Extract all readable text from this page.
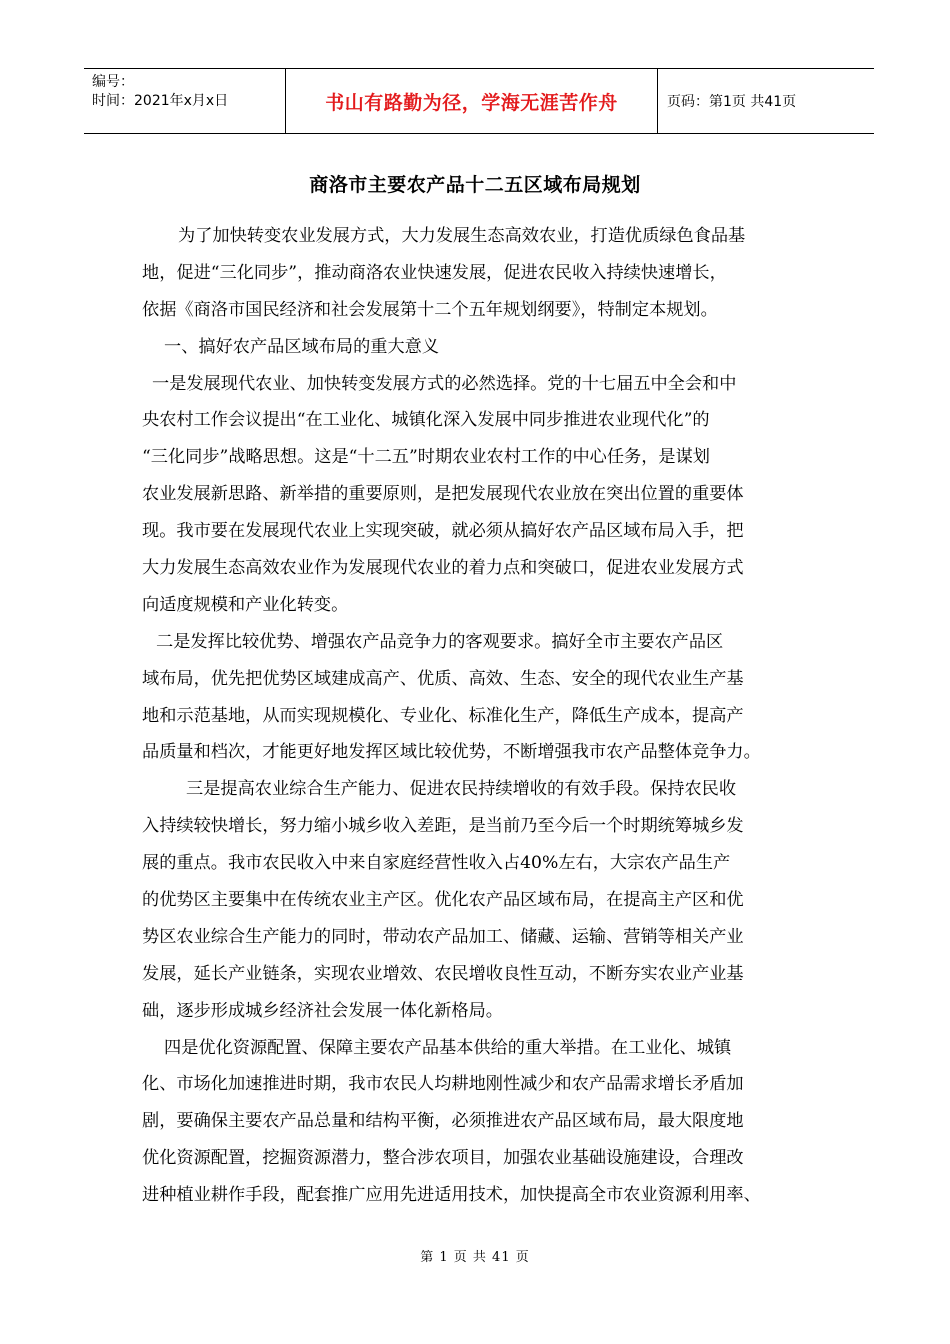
编号：
时间：2021年x月x日	书山有路勤为径，学海无涯苦作舟	页码：第1页 共41页
商洛市主要农产品十二五区域布局规划
为了加快转变农业发展方式，大力发展生态高效农业，打造优质绿色食品基
地，促进“三化同步”，推动商洛农业快速发展，促进农民收入持续快速增长，
依据《商洛市国民经济和社会发展第十二个五年规划纲要》，特制定本规划。
一、搞好农产品区域布局的重大意义
一是发展现代农业、加快转变发展方式的必然选择。党的十七届五中全会和中
央农村工作会议提出“在工业化、城镇化深入发展中同步推进农业现代化”的
“三化同步”战略思想。这是“十二五”时期农业农村工作的中心任务，是谋划
农业发展新思路、新举措的重要原则，是把发展现代农业放在突出位置的重要体
现。我市要在发展现代农业上实现突破，就必须从搞好农产品区域布局入手，把
大力发展生态高效农业作为发展现代农业的着力点和突破口，促进农业发展方式
向适度规模和产业化转变。
二是发挥比较优势、增强农产品竞争力的客观要求。搞好全市主要农产品区
域布局，优先把优势区域建成高产、优质、高效、生态、安全的现代农业生产基
地和示范基地，从而实现规模化、专业化、标准化生产，降低生产成本，提高产
品质量和档次，才能更好地发挥区域比较优势，不断增强我市农产品整体竞争力。
三是提高农业综合生产能力、促进农民持续增收的有效手段。保持农民收
入持续较快增长，努力缩小城乡收入差距，是当前乃至今后一个时期统筹城乡发
展的重点。我市农民收入中来自家庭经营性收入占40%左右，大宗农产品生产
的优势区主要集中在传统农业主产区。优化农产品区域布局，在提高主产区和优
势区农业综合生产能力的同时，带动农产品加工、储藏、运输、营销等相关产业
发展，延长产业链条，实现农业增效、农民增收良性互动，不断夯实农业产业基
础，逐步形成城乡经济社会发展一体化新格局。
四是优化资源配置、保障主要农产品基本供给的重大举措。在工业化、城镇
化、市场化加速推进时期，我市农民人均耕地刚性减少和农产品需求增长矛盾加
剧，要确保主要农产品总量和结构平衡，必须推进农产品区域布局，最大限度地
优化资源配置，挖掘资源潜力，整合涉农项目，加强农业基础设施建设，合理改
进种植业耕作手段，配套推广应用先进适用技术，加快提高全市农业资源利用率、
第 1 页 共 41 页
